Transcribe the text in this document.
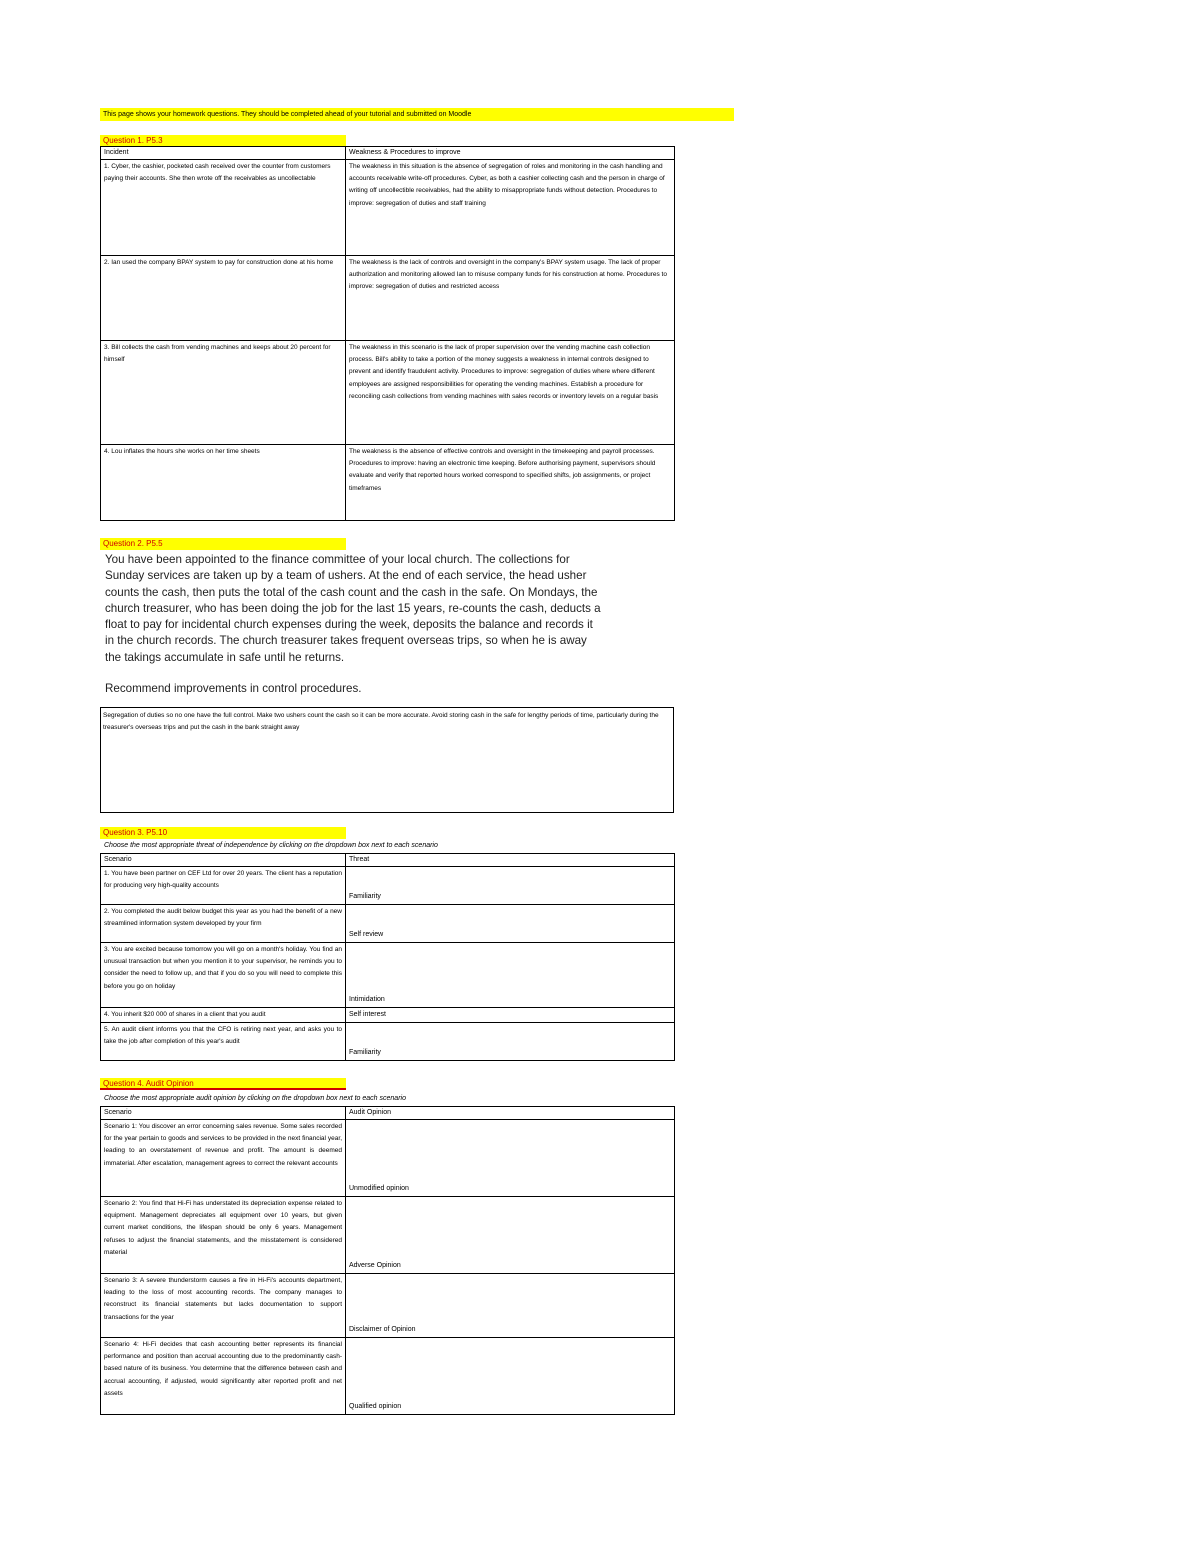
This page shows your homework questions. They should be completed ahead of your tutorial and submitted on Moodle
Question 1. P5.3
Incident	Weakness & Procedures to improve
1. Cyber, the cashier, pocketed cash received over the counter from customers paying their accounts. She then wrote off the receivables as uncollectable	The weakness in this situation is the absence of segregation of roles and monitoring in the cash handling and accounts receivable write-off procedures. Cyber, as both a cashier collecting cash and the person in charge of writing off uncollectible receivables, had the ability to misappropriate funds without detection. Procedures to improve: segregation of duties and staff training
2. Ian used the company BPAY system to pay for construction done at his home	The weakness is the lack of controls and oversight in the company's BPAY system usage. The lack of proper authorization and monitoring allowed Ian to misuse company funds for his construction at home. Procedures to improve: segregation of duties and restricted access
3. Bill collects the cash from vending machines and keeps about 20 percent for himself	The weakness in this scenario is the lack of proper supervision over the vending machine cash collection process. Bill's ability to take a portion of the money suggests a weakness in internal controls designed to prevent and identify fraudulent activity. Procedures to improve: segregation of duties where where different employees are assigned responsibilities for operating the vending machines. Establish a procedure for reconciling cash collections from vending machines with sales records or inventory levels on a regular basis
4. Lou inflates the hours she works on her time sheets	The weakness is the absence of effective controls and oversight in the timekeeping and payroll processes. Procedures to improve: having an electronic time keeping. Before authorising payment, supervisors should evaluate and verify that reported hours worked correspond to specified shifts, job assignments, or project timeframes
Question 2. P5.5
You have been appointed to the finance committee of your local church. The collections for Sunday services are taken up by a team of ushers. At the end of each service, the head usher counts the cash, then puts the total of the cash count and the cash in the safe. On Mondays, the church treasurer, who has been doing the job for the last 15 years, re-counts the cash, deducts a float to pay for incidental church expenses during the week, deposits the balance and records it in the church records. The church treasurer takes frequent overseas trips, so when he is away the takings accumulate in safe until he returns.
Recommend improvements in control procedures.
Segregation of duties so no one have the full control. Make two ushers count the cash so it can be more accurate. Avoid storing cash in the safe for lengthy periods of time, particularly during the treasurer's overseas trips and put the cash in the bank straight away
Question 3. P5.10
Choose the most appropriate threat of independence by clicking on the dropdown box next to each scenario
Scenario	Threat
1. You have been partner on CEF Ltd for over 20 years. The client has a reputation for producing very high-quality accounts	Familiarity
2. You completed the audit below budget this year as you had the benefit of a new streamlined information system developed by your firm	Self review
3. You are excited because tomorrow you will go on a month's holiday. You find an unusual transaction but when you mention it to your supervisor, he reminds you to consider the need to follow up, and that if you do so you will need to complete this before you go on holiday	Intimidation
4. You inherit $20 000 of shares in a client that you audit	Self interest
5. An audit client informs you that the CFO is retiring next year, and asks you to take the job after completion of this year's audit	Familiarity
Question 4. Audit Opinion
Choose the most appropriate audit opinion by clicking on the dropdown box next to each scenario
Scenario	Audit Opinion
Scenario 1: You discover an error concerning sales revenue. Some sales recorded for the year pertain to goods and services to be provided in the next financial year, leading to an overstatement of revenue and profit. The amount is deemed immaterial. After escalation, management agrees to correct the relevant accounts	Unmodified opinion
Scenario 2: You find that Hi-Fi has understated its depreciation expense related to equipment. Management depreciates all equipment over 10 years, but given current market conditions, the lifespan should be only 6 years. Management refuses to adjust the financial statements, and the misstatement is considered material	Adverse Opinion
Scenario 3: A severe thunderstorm causes a fire in Hi-Fi's accounts department, leading to the loss of most accounting records. The company manages to reconstruct its financial statements but lacks documentation to support transactions for the year	Disclaimer of Opinion
Scenario 4: Hi-Fi decides that cash accounting better represents its financial performance and position than accrual accounting due to the predominantly cash-based nature of its business. You determine that the difference between cash and accrual accounting, if adjusted, would significantly alter reported profit and net assets	Qualified opinion
